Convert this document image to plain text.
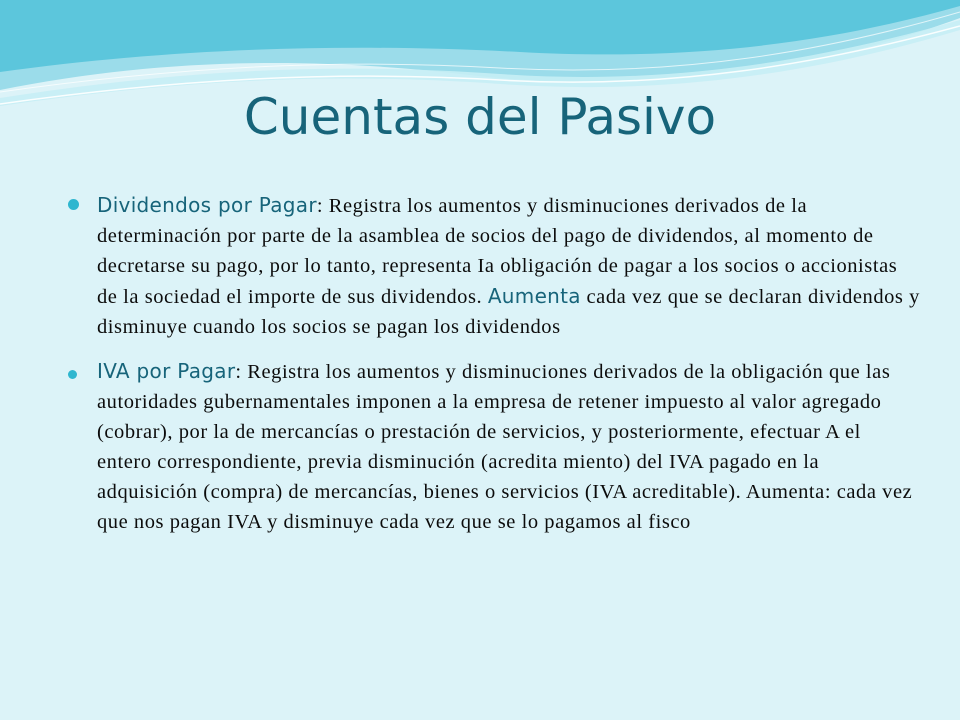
Cuentas del Pasivo
Dividendos por Pagar: Registra los aumentos y disminuciones derivados de la determinación por parte de la asamblea de socios del pago de dividendos, al momento de decretarse su pago, por lo tanto, representa Ia obligación de pagar a los socios o accionistas de la sociedad el importe de sus dividendos. Aumenta cada vez que se declaran dividendos y disminuye cuando los socios se pagan los dividendos
IVA por Pagar: Registra los aumentos y disminuciones derivados de la obligación que las autoridades gubernamentales imponen a la empresa de retener impuesto al valor agregado (cobrar), por la de mercancías o prestación de servicios, y posteriormente, efectuar A el entero correspondiente, previa disminución (acredita miento) del IVA pagado en la adquisición (compra) de mercancías, bienes o servicios (IVA acreditable). Aumenta: cada vez que nos pagan IVA y disminuye cada vez que se lo pagamos al fisco
